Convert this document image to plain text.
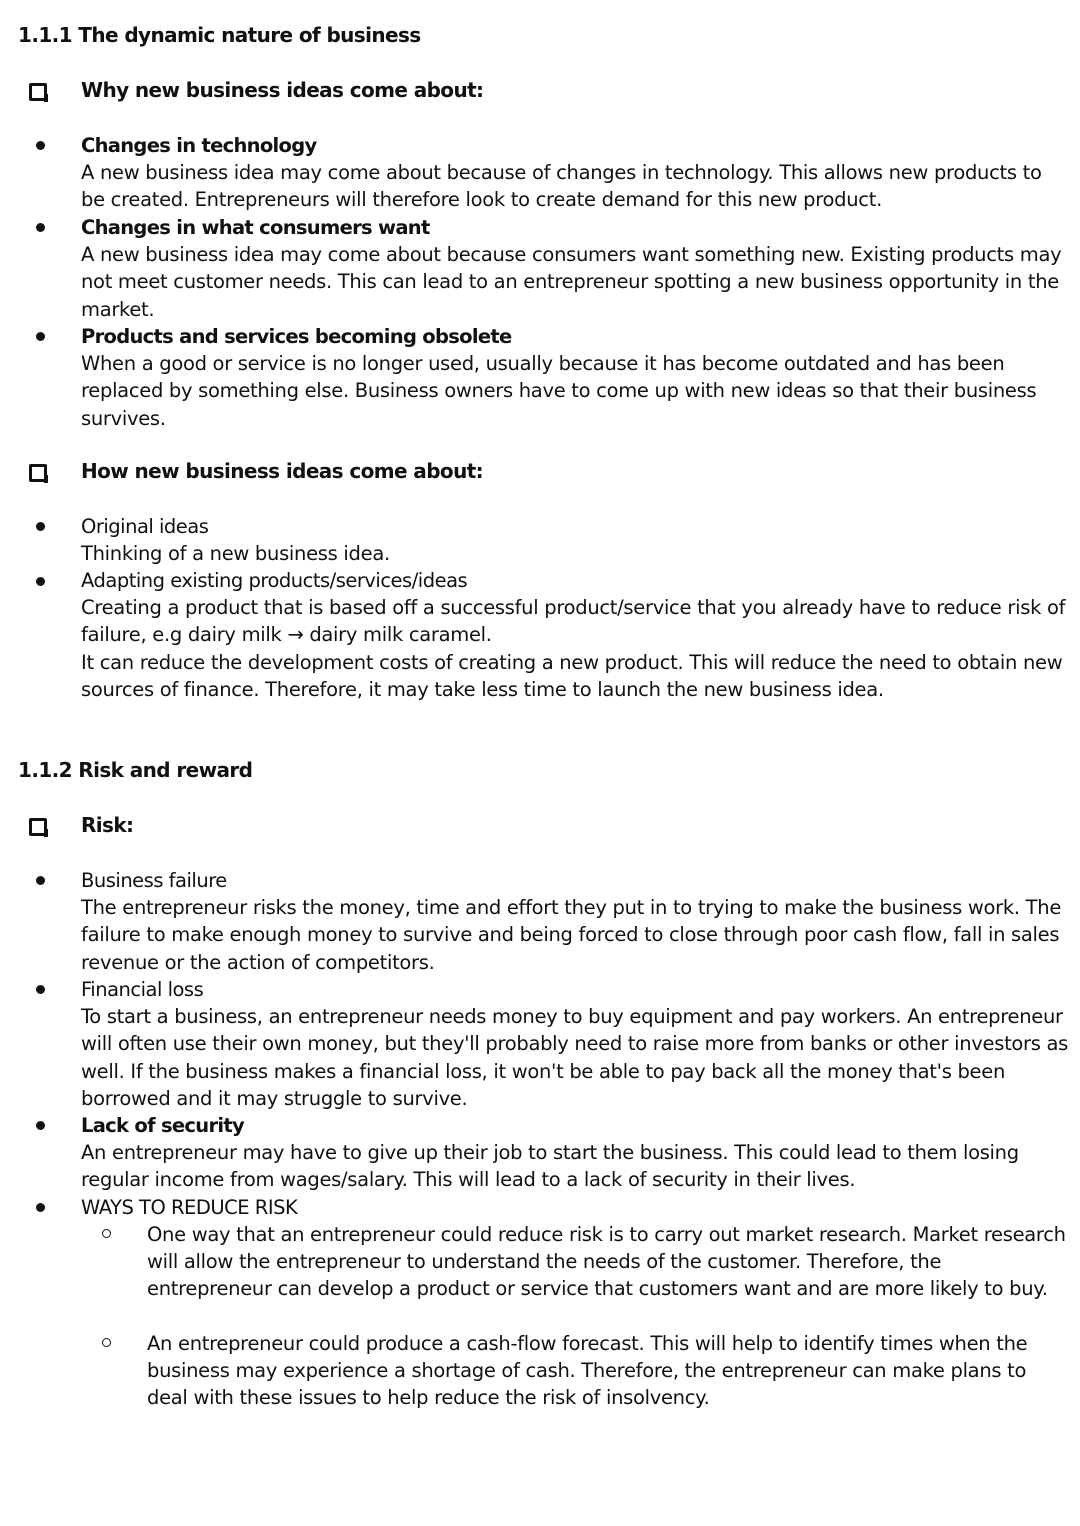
1.1.1 The dynamic nature of business
Why new business ideas come about:
Changes in technology

A new business idea may come about because of changes in technology. This allows new products to be created. Entrepreneurs will therefore look to create demand for this new product.

Changes in what consumers want

A new business idea may come about because consumers want something new. Existing products may not meet customer needs. This can lead to an entrepreneur spotting a new business opportunity in the market.

Products and services becoming obsolete

When a good or service is no longer used, usually because it has become outdated and has been replaced by something else. Business owners have to come up with new ideas so that their business survives.

How new business ideas come about:
Original ideas

Thinking of a new business idea.

Adapting existing products/services/ideas

Creating a product that is based off a successful product/service that you already have to reduce risk of failure, e.g dairy milk → dairy milk caramel.

It can reduce the development costs of creating a new product. This will reduce the need to obtain new sources of finance. Therefore, it may take less time to launch the new business idea.

1.1.2 Risk and reward
Risk:
Business failure

The entrepreneur risks the money, time and effort they put in to trying to make the business work. The failure to make enough money to survive and being forced to close through poor cash flow, fall in sales revenue or the action of competitors.

Financial loss

To start a business, an entrepreneur needs money to buy equipment and pay workers. An entrepreneur will often use their own money, but they'll probably need to raise more from banks or other investors as well. If the business makes a financial loss, it won't be able to pay back all the money that's been borrowed and it may struggle to survive.

Lack of security

An entrepreneur may have to give up their job to start the business. This could lead to them losing regular income from wages/salary. This will lead to a lack of security in their lives.

WAYS TO REDUCE RISK

One way that an entrepreneur could reduce risk is to carry out market research. Market research will allow the entrepreneur to understand the needs of the customer. Therefore, the entrepreneur can develop a product or service that customers want and are more likely to buy.

An entrepreneur could produce a cash-flow forecast. This will help to identify times when the business may experience a shortage of cash. Therefore, the entrepreneur can make plans to deal with these issues to help reduce the risk of insolvency.
